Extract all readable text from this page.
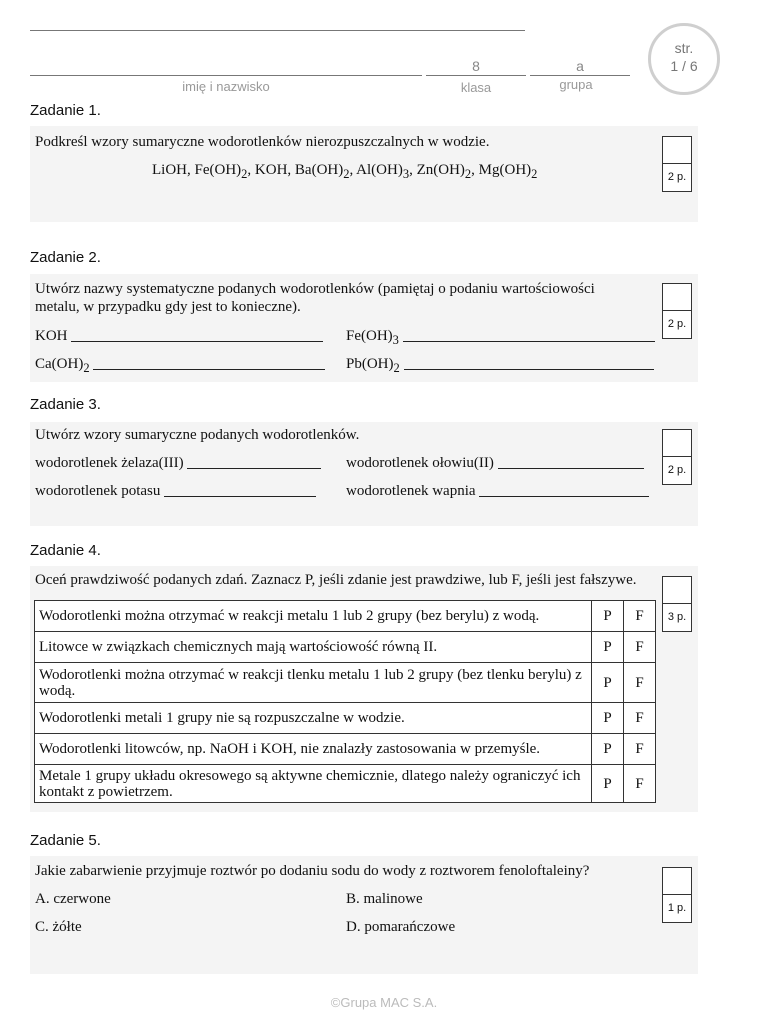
imię i nazwisko
8
klasa
a
grupa
str.
1 / 6
Zadanie 1.
Podkreśl wzory sumaryczne wodorotlenków nierozpuszczalnych w wodzie.
LiOH, $Fe(OH)_2$, KOH, $Ba(OH)_2$, $Al(OH)_3$, $Zn(OH)_2$, $Mg(OH)_2$	2 p.
Zadanie 2.
Utwórz nazwy systematyczne podanych wodorotlenków (pamiętaj o podaniu wartościowości
metalu, w przypadku gdy jest to konieczne).
KOH	$Fe(OH)_3$
$Ca(OH)_2$	$Pb(OH)_2$
2 p.
Zadanie 3.
Utwórz wzory sumaryczne podanych wodorotlenków.
wodorotlenek żelaza(III)	wodorotlenek ołowiu(II)
wodorotlenek potasu	wodorotlenek wapnia
2 p.
Zadanie 4.
Oceń prawdziwość podanych zdań. Zaznacz P, jeśli zdanie jest prawdziwe, lub F, jeśli jest fałszywe.
Wodorotlenki można otrzymać w reakcji metalu 1 lub 2 grupy (bez berylu) z wodą.	P	F
Litowce w związkach chemicznych mają wartościowość równą II.	P	F
Wodorotlenki można otrzymać w reakcji tlenku metalu 1 lub 2 grupy (bez tlenku berylu) z wodą.	P	F
Wodorotlenki metali 1 grupy nie są rozpuszczalne w wodzie.	P	F
Wodorotlenki litowców, np. NaOH i KOH, nie znalazły zastosowania w przemyśle.	P	F
Metale 1 grupy układu okresowego są aktywne chemicznie, dlatego należy ograniczyć ich kontakt z powietrzem.	P	F
3 p.
Zadanie 5.
Jakie zabarwienie przyjmuje roztwór po dodaniu sodu do wody z roztworem fenoloftaleiny?
A. czerwone	B. malinowe
C. żółte	D. pomarańczowe
1 p.
©Grupa MAC S.A.
